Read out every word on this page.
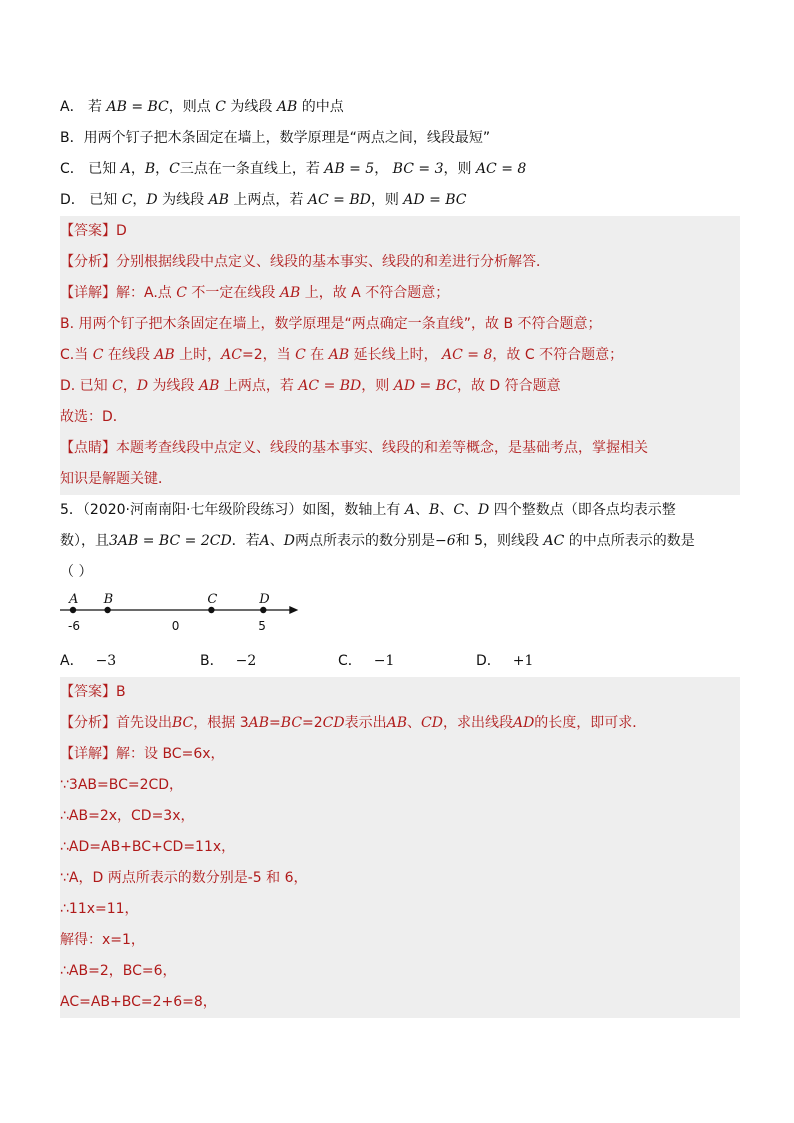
A． 若 AB = BC，则点 C 为线段 AB 的中点
B．用两个钉子把木条固定在墙上，数学原理是“两点之间，线段最短”
C． 已知 A，B，C三点在一条直线上，若 AB = 5， BC = 3，则 AC = 8
D． 已知 C，D 为线段 AB 上两点，若 AC = BD，则 AD = BC
【答案】D
【分析】分别根据线段中点定义、线段的基本事实、线段的和差进行分析解答．
【详解】解：A.点 C 不一定在线段 AB 上，故 A 不符合题意；
B. 用两个钉子把木条固定在墙上，数学原理是“两点确定一条直线”，故 B 不符合题意；
C.当 C 在线段 AB 上时，AC=2，当 C 在 AB 延长线上时， AC = 8，故 C 不符合题意；
D. 已知 C，D 为线段 AB 上两点，若 AC = BD，则 AD = BC，故 D 符合题意
故选：D．
【点睛】本题考查线段中点定义、线段的基本事实、线段的和差等概念，是基础考点，掌握相关
知识是解题关键．
5．（2020·河南南阳·七年级阶段练习）如图，数轴上有 A、B、C、D 四个整数点（即各点均表示整
数），且3AB = BC = 2CD．若A、D两点所表示的数分别是−6和 5，则线段 AC 的中点所表示的数是
（ ）
A B	C	D
-6	0	5
A． −3	B． −2	C． −1	D． +1
【答案】B
【分析】首先设出BC，根据 3AB=BC=2CD表示出AB、CD，求出线段AD的长度，即可求．
【详解】解：设 BC=6x，
∵3AB=BC=2CD，
∴AB=2x，CD=3x，
∴AD=AB+BC+CD=11x，
∵A，D 两点所表示的数分别是-5 和 6，
∴11x=11，
解得：x=1，
∴AB=2，BC=6，
AC=AB+BC=2+6=8，
